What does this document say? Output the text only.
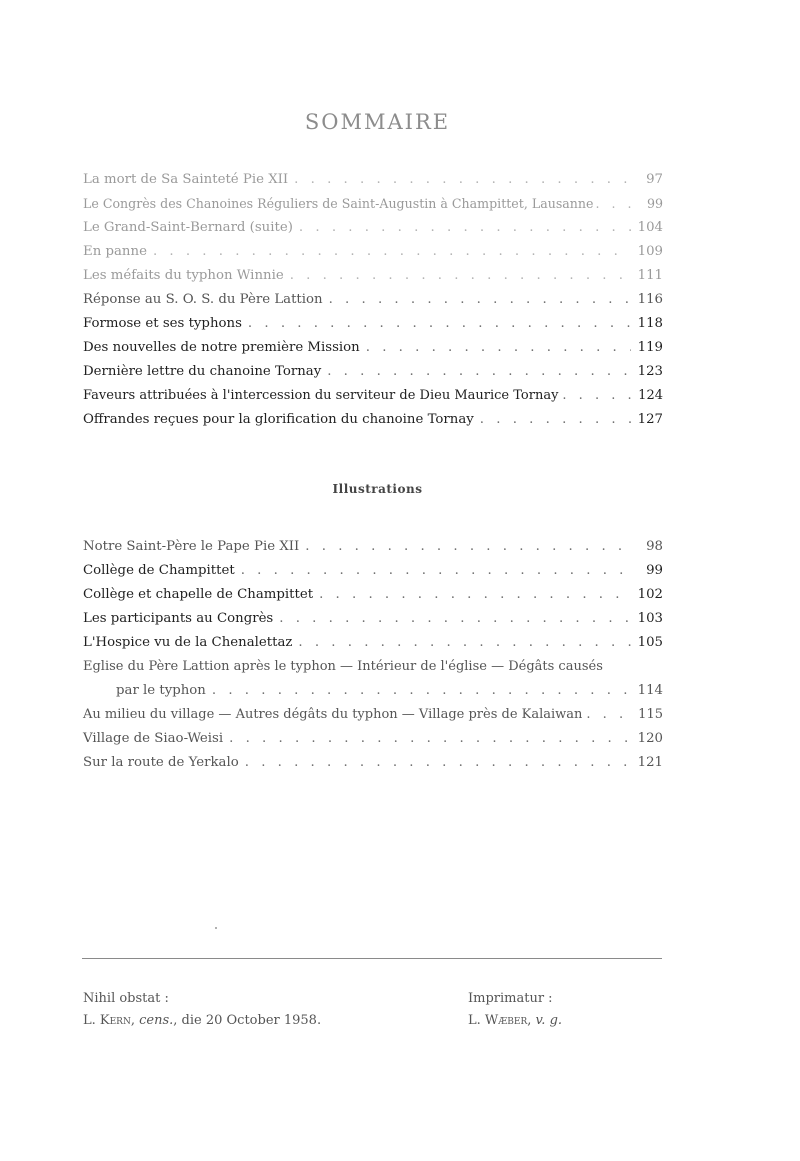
SOMMAIRE
La mort de Sa Sainteté Pie XII . . .	97
Le Congrès des Chanoines Réguliers de Saint-Augustin à Champittet, Lausanne . . .	99
Le Grand-Saint-Bernard (suite) . . .	104
En panne . . .	109
Les méfaits du typhon Winnie . . .	111
Réponse au S. O. S. du Père Lattion . . .	116
Formose et ses typhons . . .	118
Des nouvelles de notre première Mission . . .	119
Dernière lettre du chanoine Tornay . . .	123
Faveurs attribuées à l'intercession du serviteur de Dieu Maurice Tornay . . .	124
Offrandes reçues pour la glorification du chanoine Tornay . . .	127
Illustrations
Notre Saint-Père le Pape Pie XII . . .	98
Collège de Champittet . . .	99
Collège et chapelle de Champittet . . .	102
Les participants au Congrès . . .	103
L'Hospice vu de la Chenalettaz . . .	105
Eglise du Père Lattion après le typhon — Intérieur de l'église — Dégâts causés
par le typhon . . .	114
Au milieu du village — Autres dégâts du typhon — Village près de Kalaiwan . . .	115
Village de Siao-Weisi . . .	120
Sur la route de Yerkalo . . .	121
Nihil obstat :
L. Kern, cens., die 20 October 1958.
Imprimatur :
L. Wæber, v. g.
